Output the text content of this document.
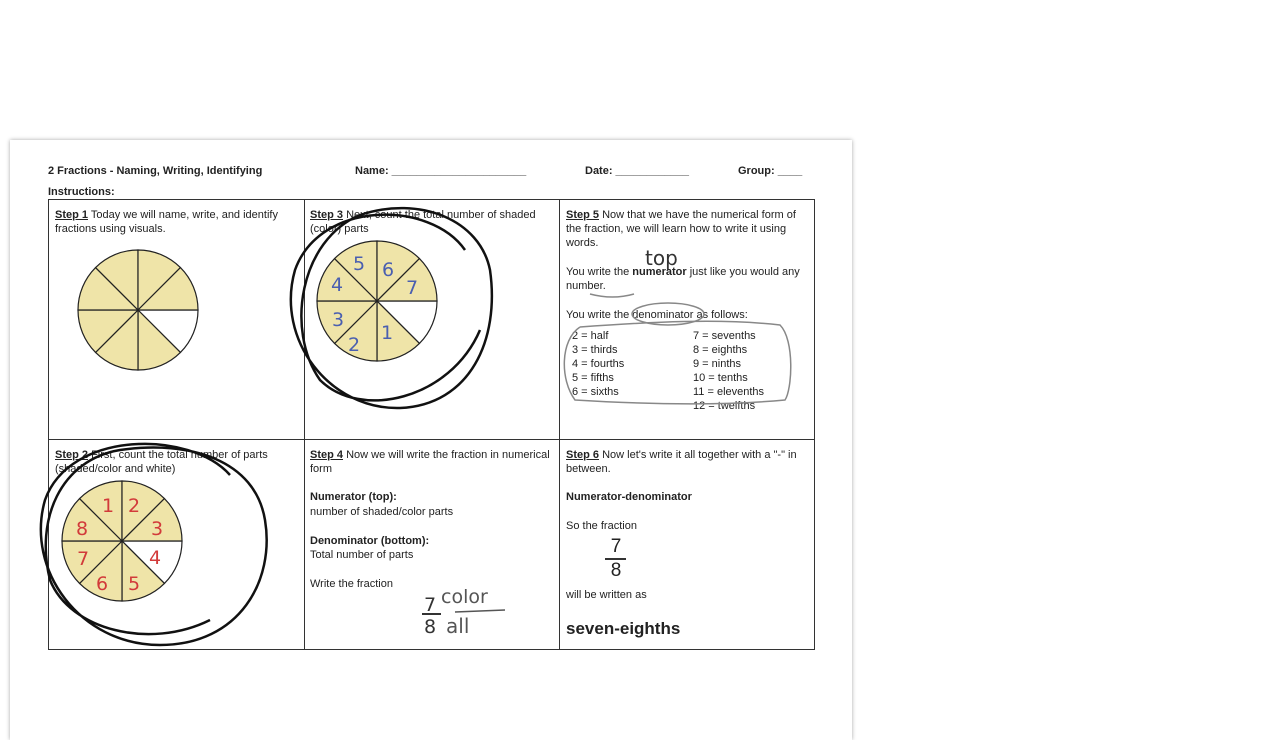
2 Fractions - Naming, Writing, Identifying	Name: ______________________	Date: ____________	Group: ____
Instructions:
Step 1 Today we will name, write, and identify fractions using visuals.
Step 3 Next, count the total number of shaded (color) parts
Step 5 Now that we have the numerical form of the fraction, we will learn how to write it using words.
You write the numerator just like you would any number.
You write the denominator as follows:
2 = half
3 = thirds
4 = fourths
5 = fifths
6 = sixths
7 = sevenths
8 = eighths
9 = ninths
10 = tenths
11 = elevenths
12 = twelfths
Step 2 First, count the total number of parts (shaded/color and white)
Step 4 Now we will write the fraction in numerical form
Numerator (top):
number of shaded/color parts
Denominator (bottom):
Total number of parts
Write the fraction
Step 6 Now let's write it all together with a "-" in between.
Numerator-denominator
So the fraction
7
8
will be written as
seven-eighths
5 6
7
4
3
2
1
1 2
3
8
7
6 5
4
top
7
8
color
all
